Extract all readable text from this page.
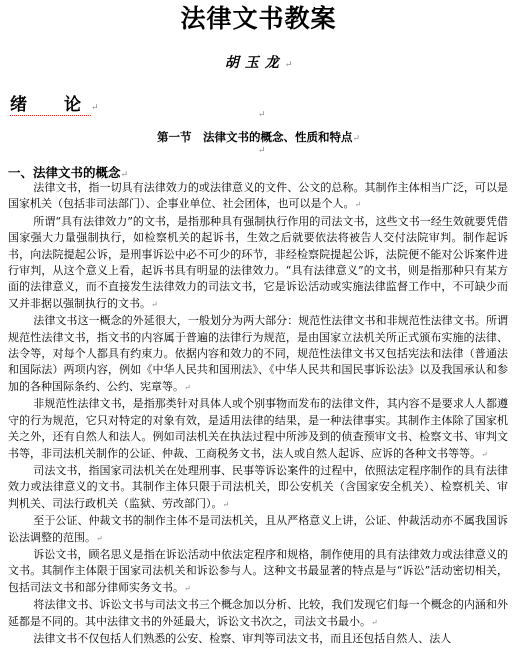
法律文书教案
胡玉龙↵
绪　论↵
↵
第一节　法律文书的概念、性质和特点↵
↵
一、法律文书的概念↵

法律文书，指一切具有法律效力的或法律意义的文件、公文的总称。其制作主体相当广泛，可以是国家机关（包括非司法部门）、企事业单位、社会团体，也可以是个人。↵

所谓“具有法律效力”的文书，是指那种具有强制执行作用的司法文书，这些文书一经生效就要凭借国家强大力量强制执行，如检察机关的起诉书，生效之后就要依法将被告人交付法院审判。制作起诉书，向法院提起公诉，是刑事诉讼中必不可少的环节，非经检察院提起公诉，法院便不能对公诉案件进行审判，从这个意义上看，起诉书具有明显的法律效力。“具有法律意义”的文书，则是指那种只有某方面的法律意义，而不直接发生法律效力的司法文书，它是诉讼活动或实施法律监督工作中，不可缺少而又并非据以强制执行的文书。↵

法律文书这一概念的外延很大，一般划分为两大部分：规范性法律文书和非规范性法律文书。所谓规范性法律文书，指文书的内容属于普遍的法律行为规范，是由国家立法机关所正式颁布实施的法律、法令等，对每个人都具有约束力。依据内容和效力的不同，规范性法律文书又包括宪法和法律（普通法和国际法）两项内容，例如《中华人民共和国刑法》、《中华人民共和国民事诉讼法》以及我国承认和参加的各种国际条约、公约、宪章等。↵

非规范性法律文书，是指那类针对具体人或个别事物而发布的法律文件，其内容不是要求人人都遵守的行为规范，它只对特定的对象有效，是适用法律的结果，是一种法律事实。其制作主体除了国家机关之外，还有自然人和法人。例如司法机关在执法过程中所涉及到的侦查预审文书、检察文书、审判文书等，非司法机关制作的公证、仲裁、工商税务文书，法人或自然人起诉、应诉的各种文书等等。↵

司法文书，指国家司法机关在处理刑事、民事等诉讼案件的过程中，依照法定程序制作的具有法律效力或法律意义的文书。其制作主体只限于司法机关，即公安机关（含国家安全机关）、检察机关、审判机关、司法行政机关（监狱、劳改部门）。↵

至于公证、仲裁文书的制作主体不是司法机关，且从严格意义上讲，公证、仲裁活动亦不属我国诉讼法调整的范围。↵

诉讼文书，顾名思义是指在诉讼活动中依法定程序和规格，制作使用的具有法律效力或法律意义的文书。其制作主体限于国家司法机关和诉讼参与人。这种文书最显著的特点是与“诉讼”活动密切相关，包括司法文书和部分律师实务文书。↵

将法律文书、诉讼文书与司法文书三个概念加以分析、比较，我们发现它们每一个概念的内涵和外延都是不同的。其中法律文书的外延最大，诉讼文书次之，司法文书最小。↵

法律文书不仅包括人们熟悉的公安、检察、审判等司法文书，而且还包括自然人、法人
